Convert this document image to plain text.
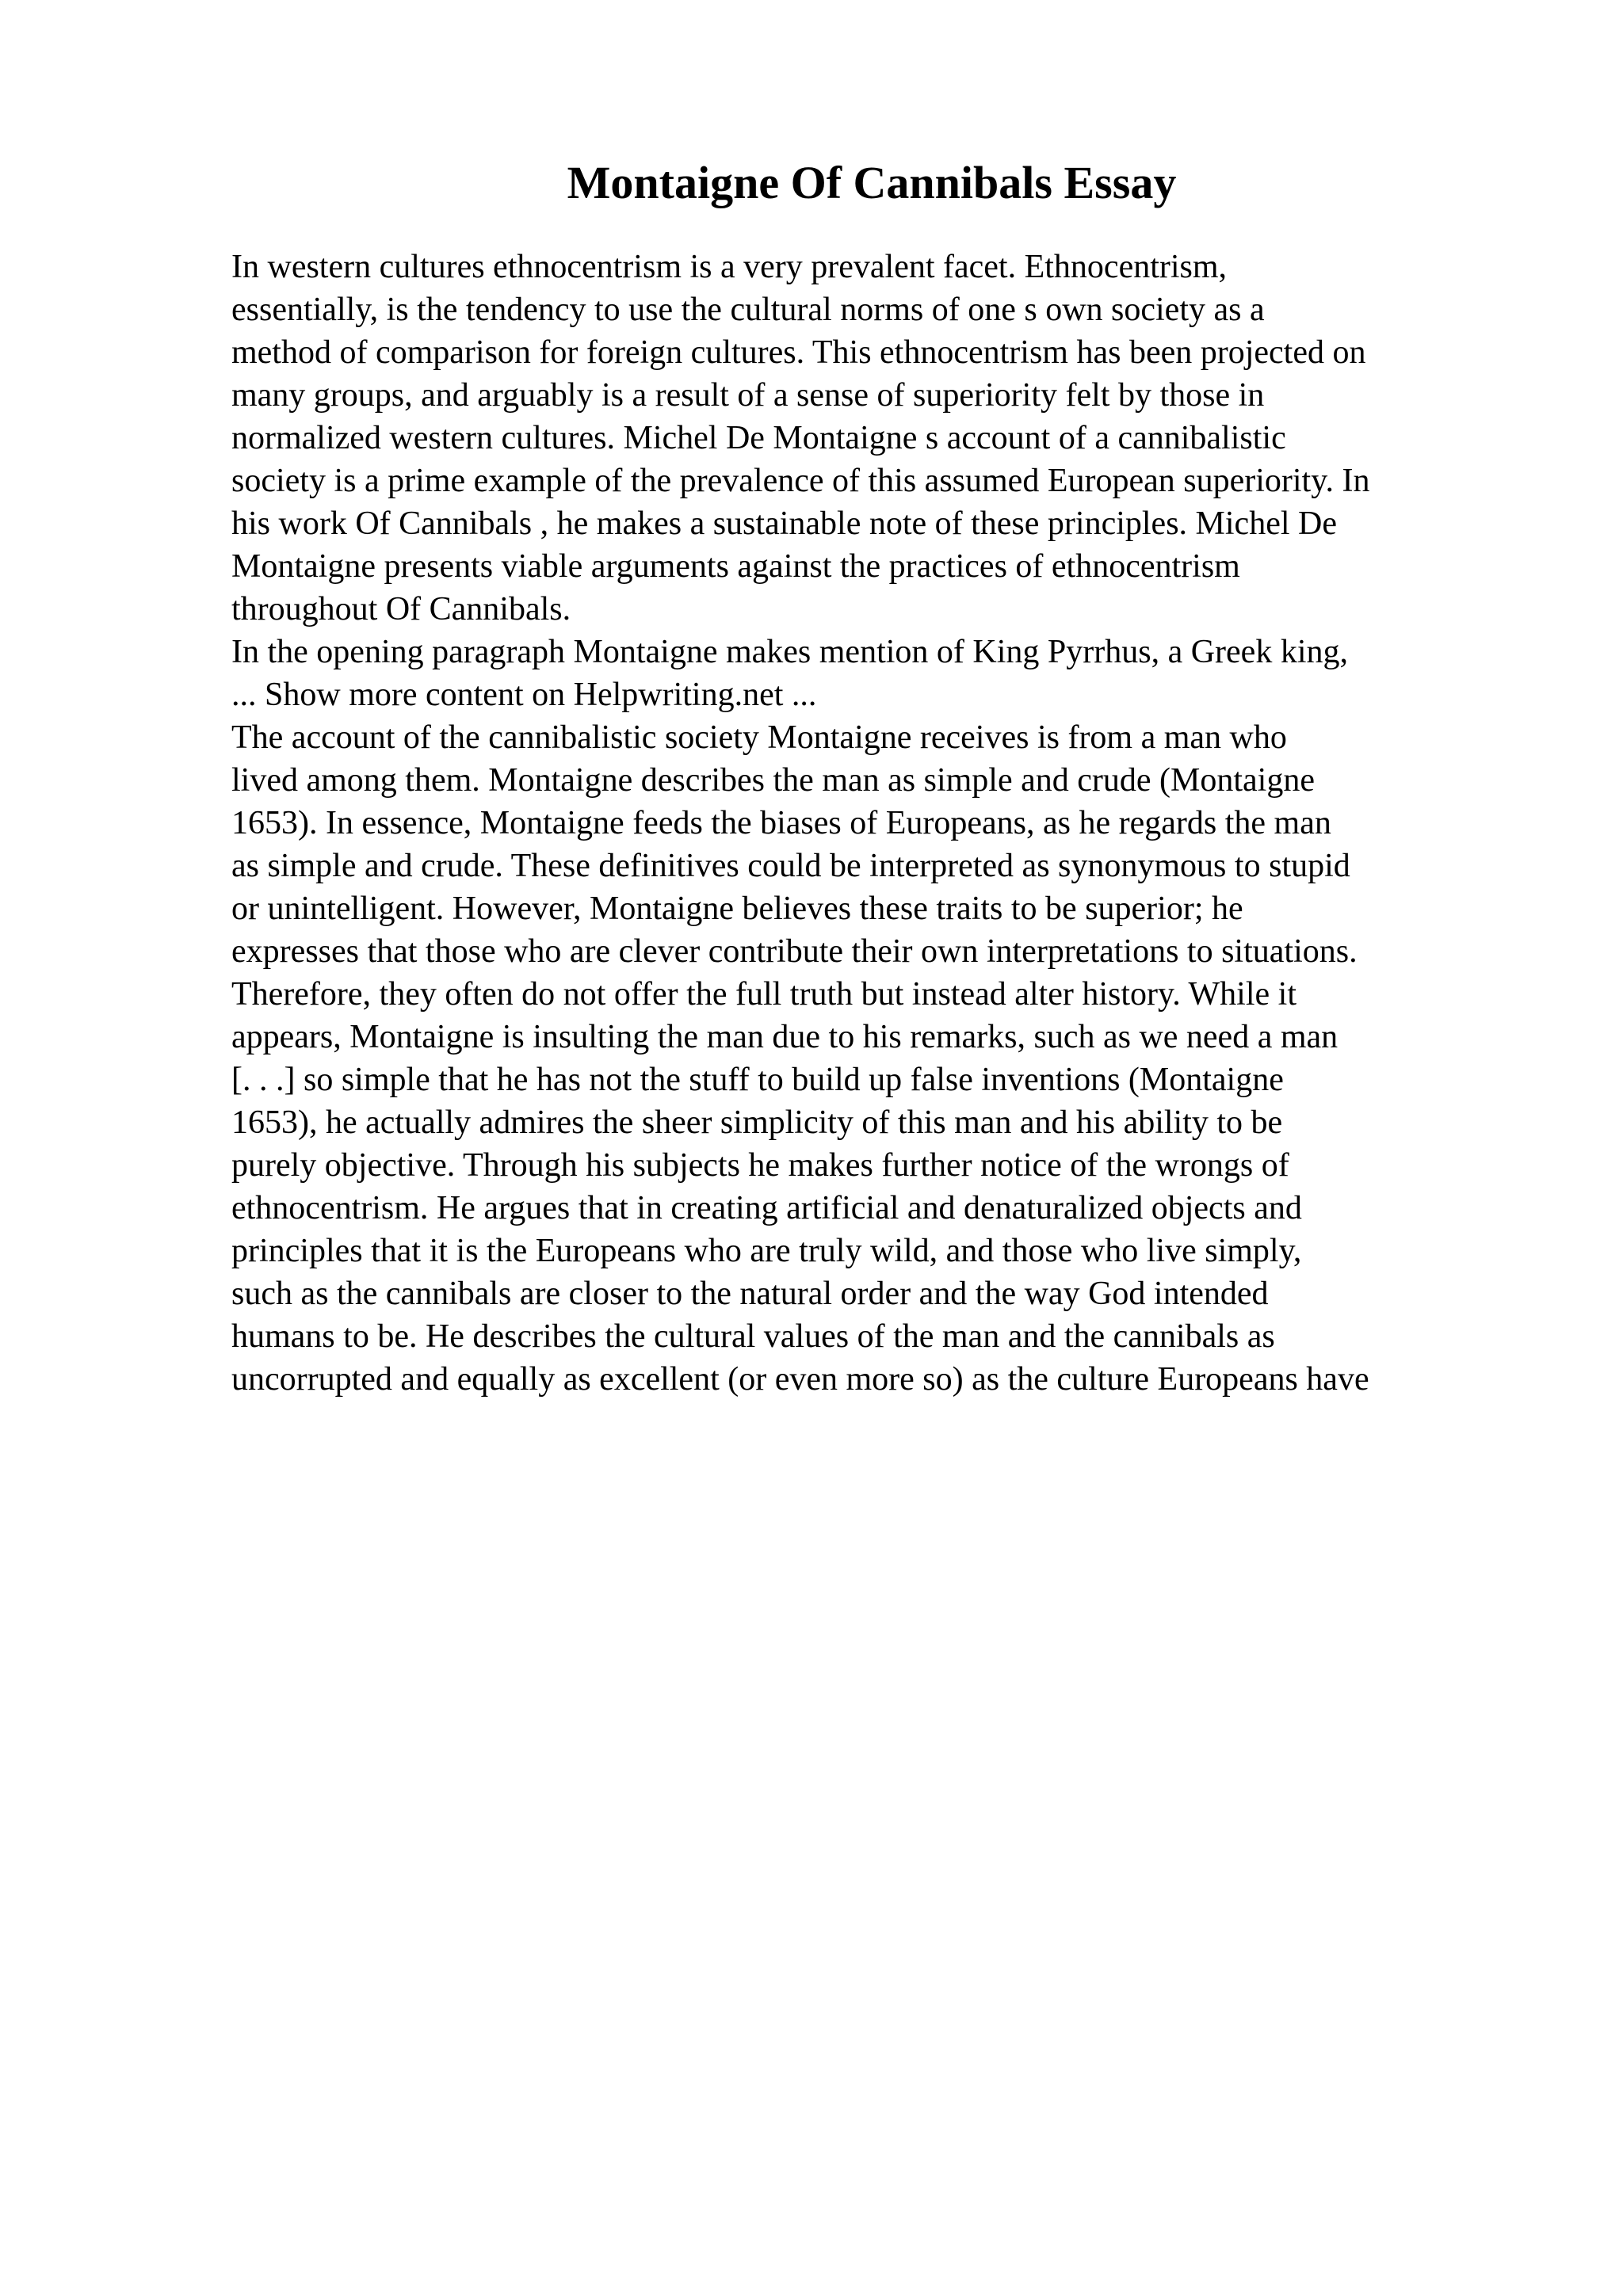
Montaigne Of Cannibals Essay
In western cultures ethnocentrism is a very prevalent facet. Ethnocentrism,
essentially, is the tendency to use the cultural norms of one s own society as a
method of comparison for foreign cultures. This ethnocentrism has been projected on
many groups, and arguably is a result of a sense of superiority felt by those in
normalized western cultures. Michel De Montaigne s account of a cannibalistic
society is a prime example of the prevalence of this assumed European superiority. In
his work Of Cannibals , he makes a sustainable note of these principles. Michel De
Montaigne presents viable arguments against the practices of ethnocentrism
throughout Of Cannibals.
In the opening paragraph Montaigne makes mention of King Pyrrhus, a Greek king,
... Show more content on Helpwriting.net ...
The account of the cannibalistic society Montaigne receives is from a man who
lived among them. Montaigne describes the man as simple and crude (Montaigne
1653). In essence, Montaigne feeds the biases of Europeans, as he regards the man
as simple and crude. These definitives could be interpreted as synonymous to stupid
or unintelligent. However, Montaigne believes these traits to be superior; he
expresses that those who are clever contribute their own interpretations to situations.
Therefore, they often do not offer the full truth but instead alter history. While it
appears, Montaigne is insulting the man due to his remarks, such as we need a man
[. . .] so simple that he has not the stuff to build up false inventions (Montaigne
1653), he actually admires the sheer simplicity of this man and his ability to be
purely objective. Through his subjects he makes further notice of the wrongs of
ethnocentrism. He argues that in creating artificial and denaturalized objects and
principles that it is the Europeans who are truly wild, and those who live simply,
such as the cannibals are closer to the natural order and the way God intended
humans to be. He describes the cultural values of the man and the cannibals as
uncorrupted and equally as excellent (or even more so) as the culture Europeans have
